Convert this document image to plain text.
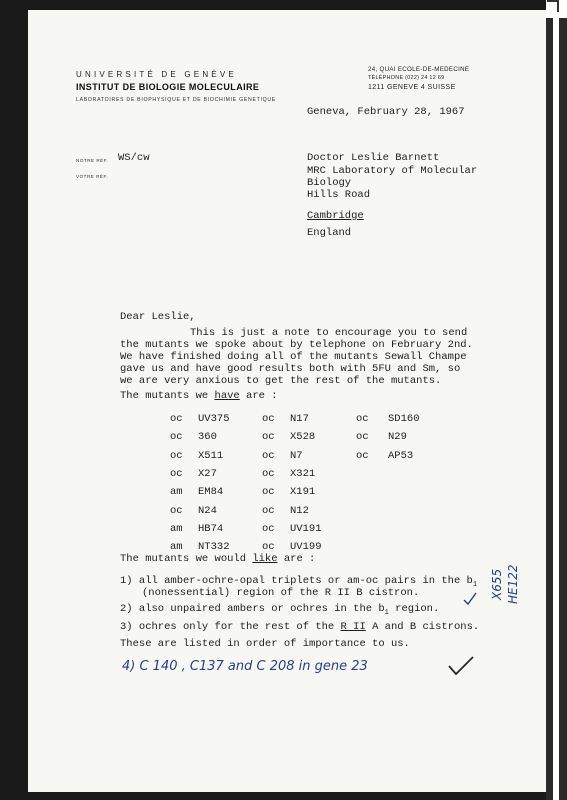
UNIVERSITÉ DE GENÈVE
INSTITUT DE BIOLOGIE MOLECULAIRE
LABORATOIRES DE BIOPHYSIQUE ET DE BIOCHIMIE GENETIQUE
24, QUAI ECOLE-DE-MEDECINE
TÉLÉPHONE (022) 24 12 69
1211 GENEVE 4 SUISSE
Geneva, February 28, 1967
NOTRE RÉF. WS/cw
VOTRE RÉF.
Doctor Leslie Barnett
MRC Laboratory of Molecular
Biology
Hills Road
Cambridge
England
Dear Leslie,
This is just a note to encourage you to send
the mutants we spoke about by telephone on February 2nd.
We have finished doing all of the mutants Sewall Champe
gave us and have good results both with 5FU and Sm, so
we are very anxious to get the rest of the mutants.
The mutants we have are :
oc UV375
oc 360
oc X511
oc X27
am EM84
oc N24
am HB74
am NT332
oc N17
oc X528
oc N7
oc X321
oc X191
oc N12
oc UV191
oc UV199
oc SD160
oc N29
oc AP53
The mutants we would like are :
1) all amber-ochre-opal triplets or am-oc pairs in the $b_1$
(nonessential) region of the R II B cistron.
2) also unpaired ambers or ochres in the $b_1$ region.
3) ochres only for the rest of the R II A and B cistrons.
These are listed in order of importance to us.
4) C 140 , C137 and C 208 in gene 23
X655 HE122
